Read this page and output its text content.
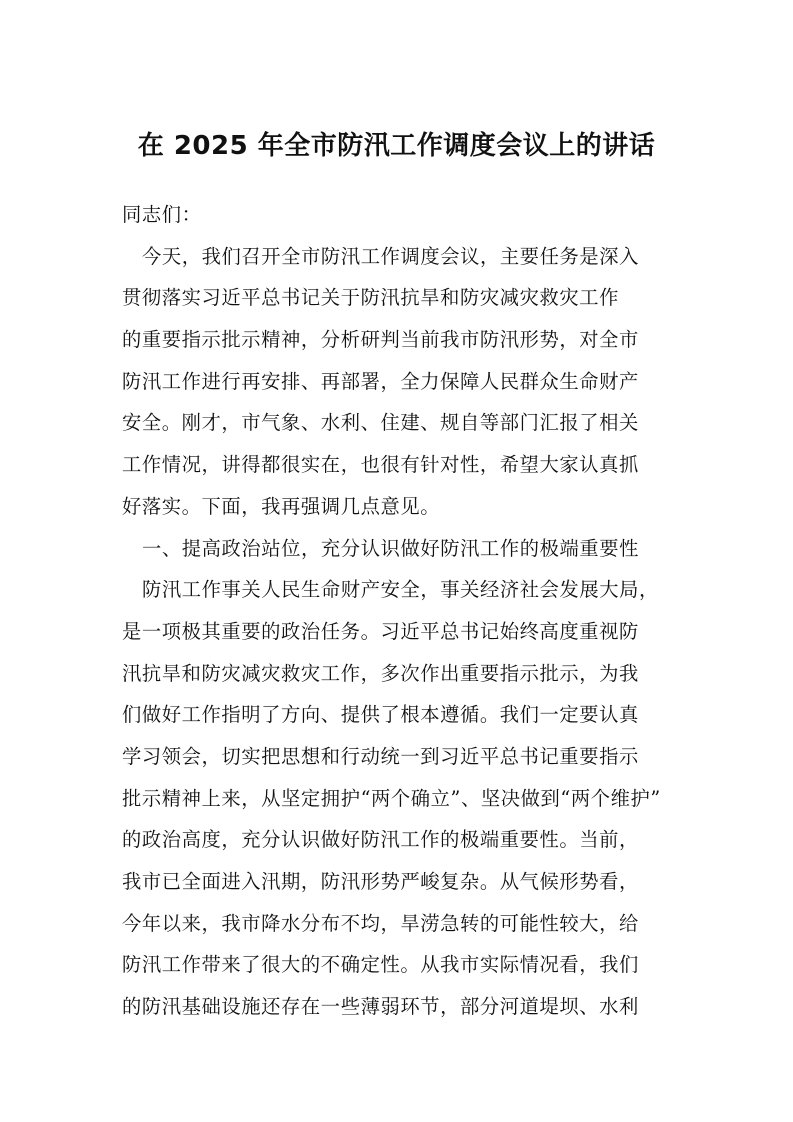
在 2025 年全市防汛工作调度会议上的讲话
同志们：
今天，我们召开全市防汛工作调度会议，主要任务是深入
贯彻落实习近平总书记关于防汛抗旱和防灾减灾救灾工作
的重要指示批示精神，分析研判当前我市防汛形势，对全市
防汛工作进行再安排、再部署，全力保障人民群众生命财产
安全。刚才，市气象、水利、住建、规自等部门汇报了相关
工作情况，讲得都很实在，也很有针对性，希望大家认真抓
好落实。下面，我再强调几点意见。
一、提高政治站位，充分认识做好防汛工作的极端重要性
防汛工作事关人民生命财产安全，事关经济社会发展大局，
是一项极其重要的政治任务。习近平总书记始终高度重视防
汛抗旱和防灾减灾救灾工作，多次作出重要指示批示，为我
们做好工作指明了方向、提供了根本遵循。我们一定要认真
学习领会，切实把思想和行动统一到习近平总书记重要指示
批示精神上来，从坚定拥护“两个确立”、坚决做到“两个维护”
的政治高度，充分认识做好防汛工作的极端重要性。当前，
我市已全面进入汛期，防汛形势严峻复杂。从气候形势看，
今年以来，我市降水分布不均，旱涝急转的可能性较大，给
防汛工作带来了很大的不确定性。从我市实际情况看，我们
的防汛基础设施还存在一些薄弱环节，部分河道堤坝、水利
